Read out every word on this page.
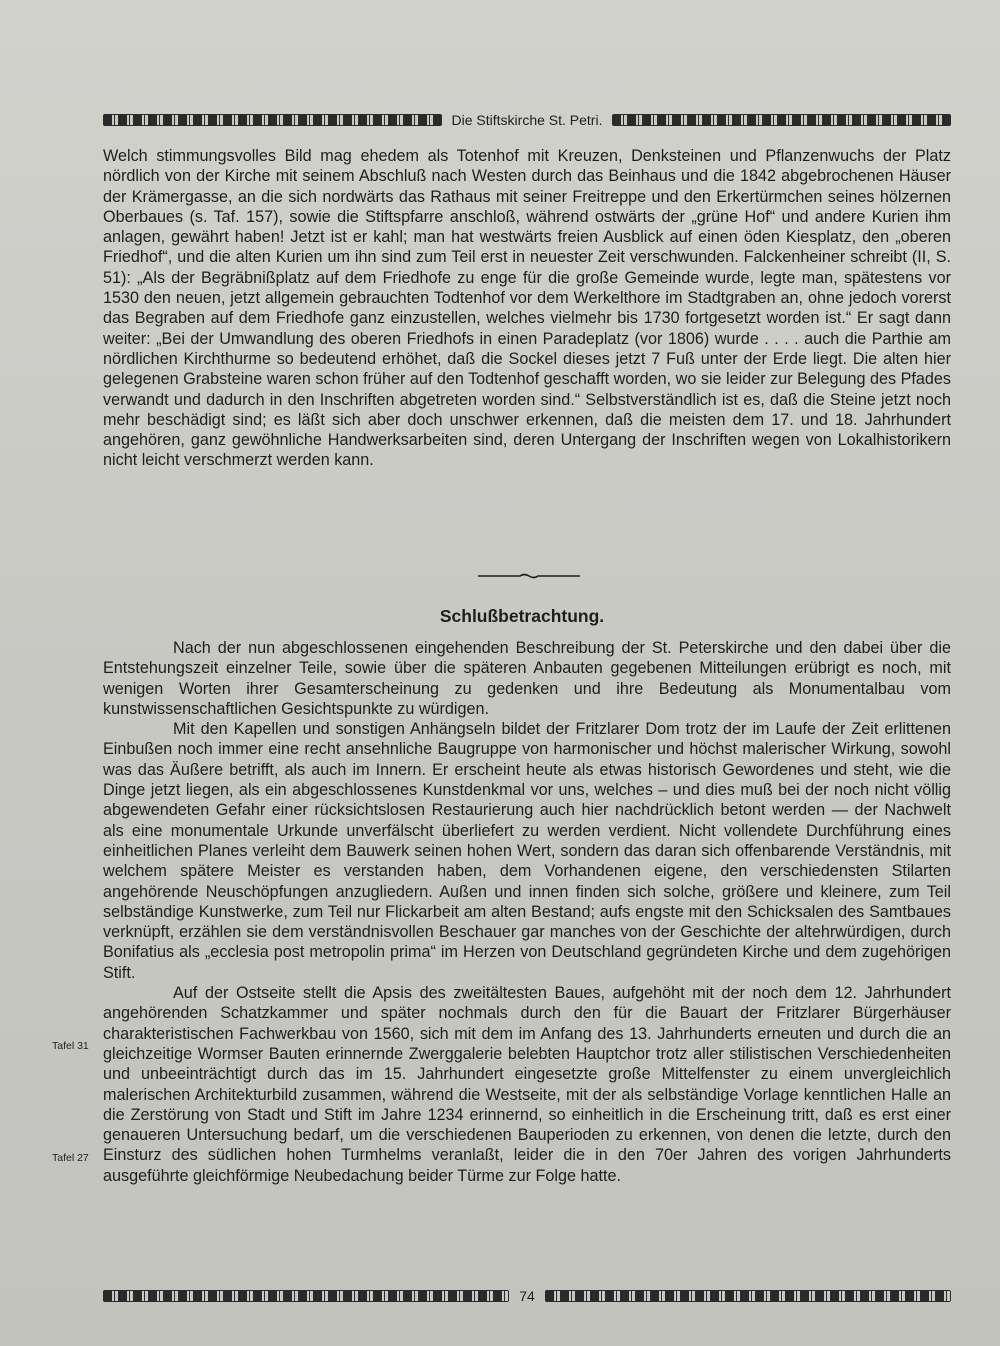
Die Stiftskirche St. Petri.

Welch stimmungsvolles Bild mag ehedem als Totenhof mit Kreuzen, Denksteinen und Pflanzenwuchs der Platz nördlich von der Kirche mit seinem Abschluß nach Westen durch das Beinhaus und die 1842 abgebrochenen Häuser der Krämergasse, an die sich nordwärts das Rathaus mit seiner Freitreppe und den Erkertürmchen seines hölzernen Oberbaues (s. Taf. 157), sowie die Stiftspfarre anschloß, während ostwärts der „grüne Hof“ und andere Kurien ihm anlagen, gewährt haben! Jetzt ist er kahl; man hat westwärts freien Ausblick auf einen öden Kiesplatz, den „oberen Friedhof“, und die alten Kurien um ihn sind zum Teil erst in neuester Zeit verschwunden. Falckenheiner schreibt (II, S. 51): „Als der Begräbnißplatz auf dem Friedhofe zu enge für die große Gemeinde wurde, legte man, spätestens vor 1530 den neuen, jetzt allgemein gebrauchten Todtenhof vor dem Werkelthore im Stadtgraben an, ohne jedoch vorerst das Begraben auf dem Friedhofe ganz einzustellen, welches vielmehr bis 1730 fortgesetzt worden ist.“ Er sagt dann weiter: „Bei der Umwandlung des oberen Friedhofs in einen Paradeplatz (vor 1806) wurde . . . . auch die Parthie am nördlichen Kirchthurme so bedeutend erhöhet, daß die Sockel dieses jetzt 7 Fuß unter der Erde liegt. Die alten hier gelegenen Grabsteine waren schon früher auf den Todtenhof geschafft worden, wo sie leider zur Belegung des Pfades verwandt und dadurch in den Inschriften abgetreten worden sind.“ Selbstverständlich ist es, daß die Steine jetzt noch mehr beschädigt sind; es läßt sich aber doch unschwer erkennen, daß die meisten dem 17. und 18. Jahrhundert angehören, ganz gewöhnliche Handwerksarbeiten sind, deren Untergang der Inschriften wegen von Lokalhistorikern nicht leicht verschmerzt werden kann.

Schlußbetrachtung.

Nach der nun abgeschlossenen eingehenden Beschreibung der St. Peterskirche und den dabei über die Entstehungszeit einzelner Teile, sowie über die späteren Anbauten gegebenen Mitteilungen erübrigt es noch, mit wenigen Worten ihrer Gesamterscheinung zu gedenken und ihre Bedeutung als Monumentalbau vom kunstwissenschaftlichen Gesichtspunkte zu würdigen.

Mit den Kapellen und sonstigen Anhängseln bildet der Fritzlarer Dom trotz der im Laufe der Zeit erlittenen Einbußen noch immer eine recht ansehnliche Baugruppe von harmonischer und höchst malerischer Wirkung, sowohl was das Äußere betrifft, als auch im Innern. Er erscheint heute als etwas historisch Gewordenes und steht, wie die Dinge jetzt liegen, als ein abgeschlossenes Kunstdenkmal vor uns, welches – und dies muß bei der noch nicht völlig abgewendeten Gefahr einer rücksichtslosen Restaurierung auch hier nachdrücklich betont werden — der Nachwelt als eine monumentale Urkunde unverfälscht überliefert zu werden verdient. Nicht vollendete Durchführung eines einheitlichen Planes verleiht dem Bauwerk seinen hohen Wert, sondern das daran sich offenbarende Verständnis, mit welchem spätere Meister es verstanden haben, dem Vorhandenen eigene, den verschiedensten Stilarten angehörende Neuschöpfungen anzugliedern. Außen und innen finden sich solche, größere und kleinere, zum Teil selbständige Kunstwerke, zum Teil nur Flickarbeit am alten Bestand; aufs engste mit den Schicksalen des Samtbaues verknüpft, erzählen sie dem verständnisvollen Beschauer gar manches von der Geschichte der altehrwürdigen, durch Bonifatius als „ecclesia post metropolin prima“ im Herzen von Deutschland gegründeten Kirche und dem zugehörigen Stift.

Auf der Ostseite stellt die Apsis des zweitältesten Baues, aufgehöht mit der noch dem 12. Jahrhundert angehörenden Schatzkammer und später nochmals durch den für die Bauart der Fritzlarer Bürgerhäuser charakteristischen Fachwerkbau von 1560, sich mit dem im Anfang des 13. Jahrhunderts erneuten und durch die an gleichzeitige Wormser Bauten erinnernde Zwerggalerie belebten Hauptchor trotz aller stilistischen Verschiedenheiten und unbeeinträchtigt durch das im 15. Jahrhundert eingesetzte große Mittelfenster zu einem unvergleichlich malerischen Architekturbild zusammen, während die Westseite, mit der als selbständige Vorlage kenntlichen Halle an die Zerstörung von Stadt und Stift im Jahre 1234 erinnernd, so einheitlich in die Erscheinung tritt, daß es erst einer genaueren Untersuchung bedarf, um die verschiedenen Bauperioden zu erkennen, von denen die letzte, durch den Einsturz des südlichen hohen Turmhelms veranlaßt, leider die in den 70er Jahren des vorigen Jahrhunderts ausgeführte gleichförmige Neubedachung beider Türme zur Folge hatte.

Tafel 31
Tafel 27
74
